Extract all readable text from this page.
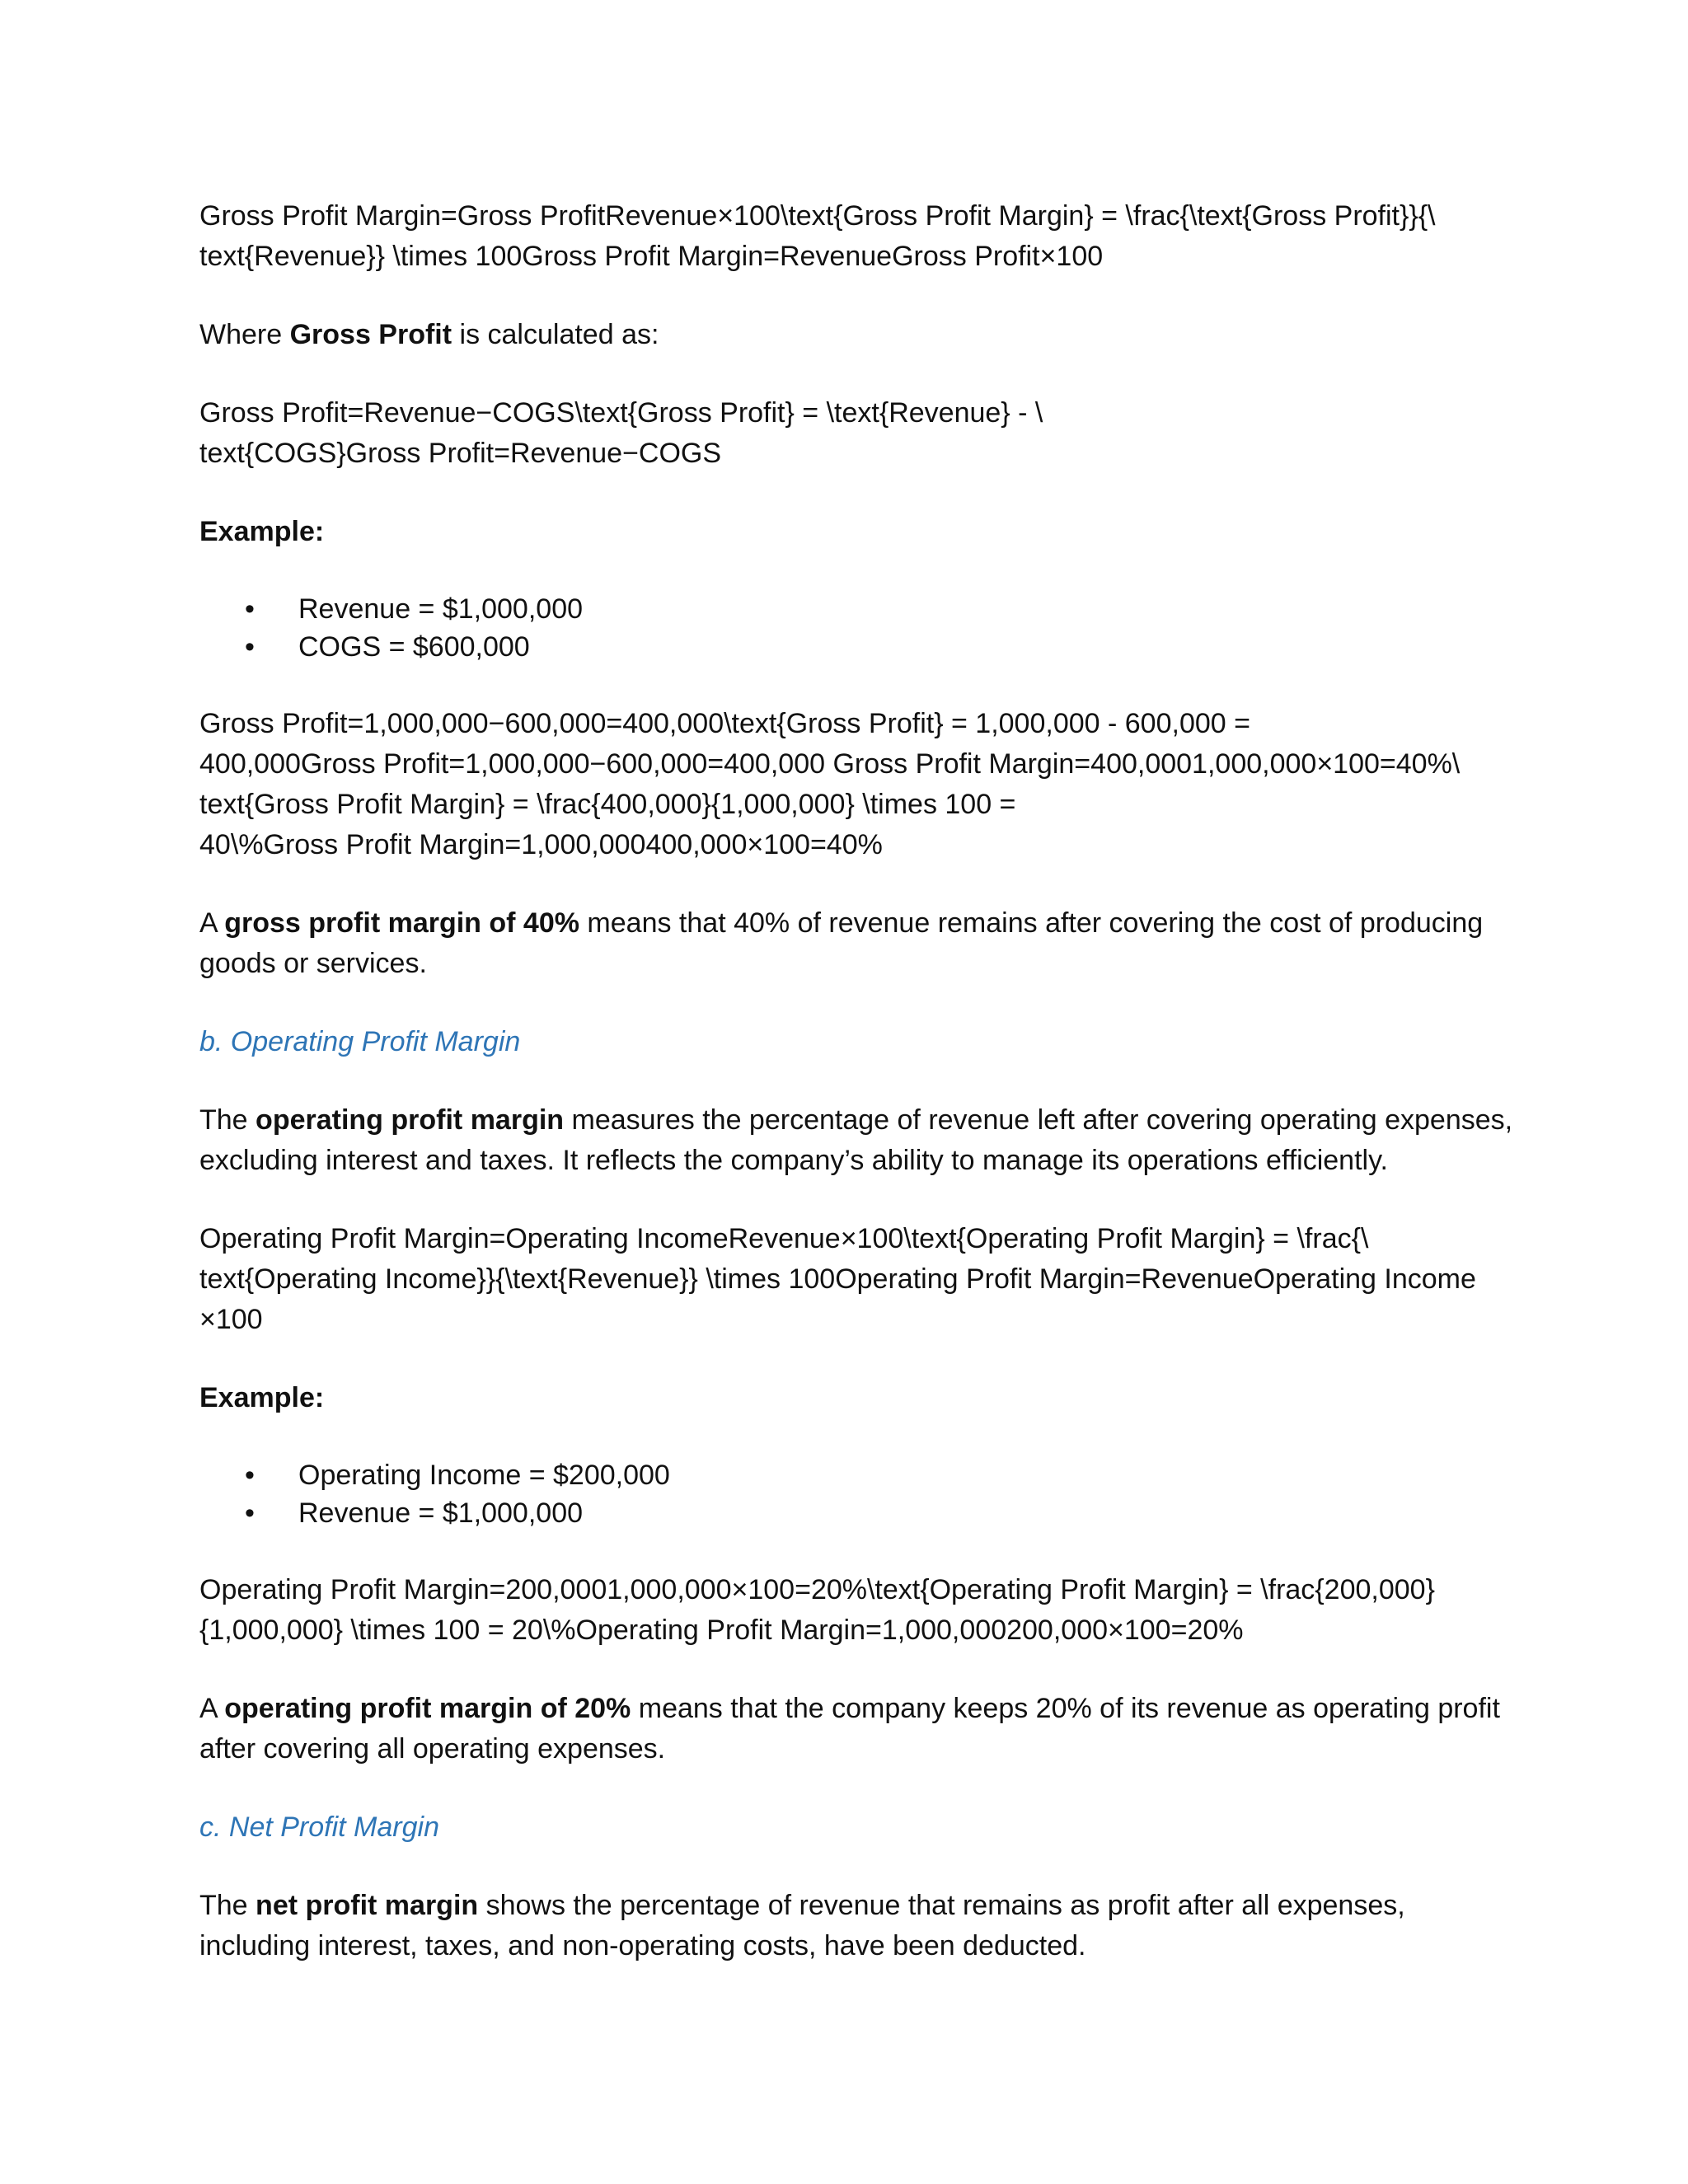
Gross Profit Margin=Gross ProfitRevenue×100\text{Gross Profit Margin} = \frac{\text{Gross Profit}}{\
text{Revenue}} \times 100Gross Profit Margin=RevenueGross Profit×100

Where Gross Profit is calculated as:

Gross Profit=Revenue−COGS\text{Gross Profit} = \text{Revenue} - \
text{COGS}Gross Profit=Revenue−COGS

Example:

• Revenue = $1,000,000
• COGS = $600,000

Gross Profit=1,000,000−600,000=400,000\text{Gross Profit} = 1,000,000 - 600,000 =
400,000Gross Profit=1,000,000−600,000=400,000 Gross Profit Margin=400,0001,000,000×100=40%\
text{Gross Profit Margin} = \frac{400,000}{1,000,000} \times 100 =
40\%Gross Profit Margin=1,000,000400,000×100=40%

A gross profit margin of 40% means that 40% of revenue remains after covering the cost of producing
goods or services.

b. Operating Profit Margin

The operating profit margin measures the percentage of revenue left after covering operating expenses,
excluding interest and taxes. It reflects the company’s ability to manage its operations efficiently.

Operating Profit Margin=Operating IncomeRevenue×100\text{Operating Profit Margin} = \frac{\
text{Operating Income}}{\text{Revenue}} \times 100Operating Profit Margin=RevenueOperating Income
×100

Example:

• Operating Income = $200,000
• Revenue = $1,000,000

Operating Profit Margin=200,0001,000,000×100=20%\text{Operating Profit Margin} = \frac{200,000}
{1,000,000} \times 100 = 20\%Operating Profit Margin=1,000,000200,000×100=20%

A operating profit margin of 20% means that the company keeps 20% of its revenue as operating profit
after covering all operating expenses.

c. Net Profit Margin

The net profit margin shows the percentage of revenue that remains as profit after all expenses,
including interest, taxes, and non-operating costs, have been deducted.
